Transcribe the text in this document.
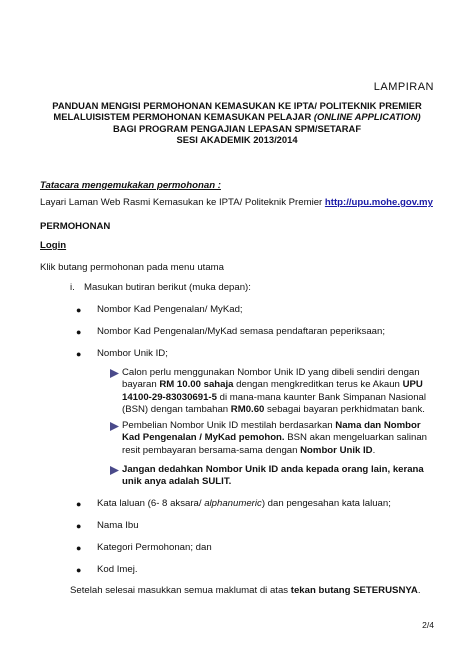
LAMPIRAN
PANDUAN MENGISI PERMOHONAN KEMASUKAN KE IPTA/ POLITEKNIK PREMIER
MELALUISISTEM PERMOHONAN KEMASUKAN PELAJAR (ONLINE APPLICATION)
BAGI PROGRAM PENGAJIAN LEPASAN SPM/SETARAF
SESI AKADEMIK 2013/2014
Tatacara mengemukakan permohonan :
Layari Laman Web Rasmi Kemasukan ke IPTA/ Politeknik Premier http://upu.mohe.gov.my
PERMOHONAN
Login
Klik butang permohonan pada menu utama
i. Masukan butiran berikut (muka depan):
● Nombor Kad Pengenalan/ MyKad;
● Nombor Kad Pengenalan/MyKad semasa pendaftaran peperiksaan;
● Nombor Unik ID;
Calon perlu menggunakan Nombor Unik ID yang dibeli sendiri dengan
bayaran RM 10.00 sahaja dengan mengkreditkan terus ke Akaun UPU
14100-29-83030691-5 di mana-mana kaunter Bank Simpanan Nasional
(BSN) dengan tambahan RM0.60 sebagai bayaran perkhidmatan bank.
Pembelian Nombor Unik ID mestilah berdasarkan Nama dan Nombor
Kad Pengenalan / MyKad pemohon. BSN akan mengeluarkan salinan
resit pembayaran bersama-sama dengan Nombor Unik ID.
Jangan dedahkan Nombor Unik ID anda kepada orang lain, kerana
unik anya adalah SULIT.
● Kata laluan (6- 8 aksara/ alphanumeric) dan pengesahan kata laluan;
● Nama Ibu
● Kategori Permohonan; dan
● Kod Imej.
Setelah selesai masukkan semua maklumat di atas tekan butang SETERUSNYA.
2/4
